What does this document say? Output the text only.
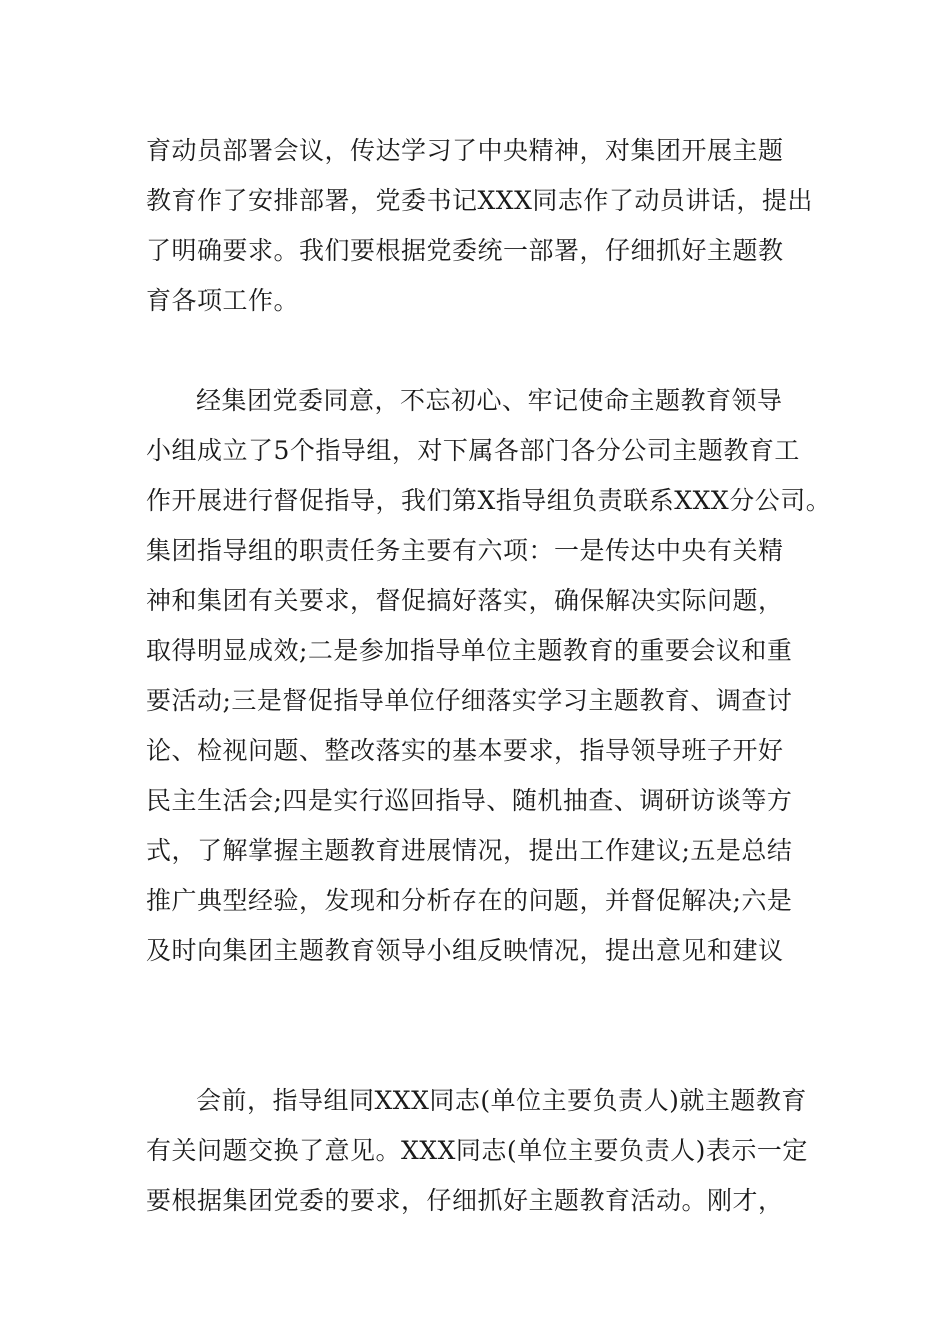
育动员部署会议，传达学习了中央精神，对集团开展主题
教育作了安排部署，党委书记XXX同志作了动员讲话，提出
了明确要求。我们要根据党委统一部署，仔细抓好主题教
育各项工作。
经集团党委同意，不忘初心、牢记使命主题教育领导
小组成立了5个指导组，对下属各部门各分公司主题教育工
作开展进行督促指导，我们第X指导组负责联系XXX分公司。
集团指导组的职责任务主要有六项：一是传达中央有关精
神和集团有关要求，督促搞好落实，确保解决实际问题，
取得明显成效;二是参加指导单位主题教育的重要会议和重
要活动;三是督促指导单位仔细落实学习主题教育、调查讨
论、检视问题、整改落实的基本要求，指导领导班子开好
民主生活会;四是实行巡回指导、随机抽查、调研访谈等方
式，了解掌握主题教育进展情况，提出工作建议;五是总结
推广典型经验，发现和分析存在的问题，并督促解决;六是
及时向集团主题教育领导小组反映情况，提出意见和建议
会前，指导组同XXX同志(单位主要负责人)就主题教育
有关问题交换了意见。XXX同志(单位主要负责人)表示一定
要根据集团党委的要求，仔细抓好主题教育活动。刚才，
